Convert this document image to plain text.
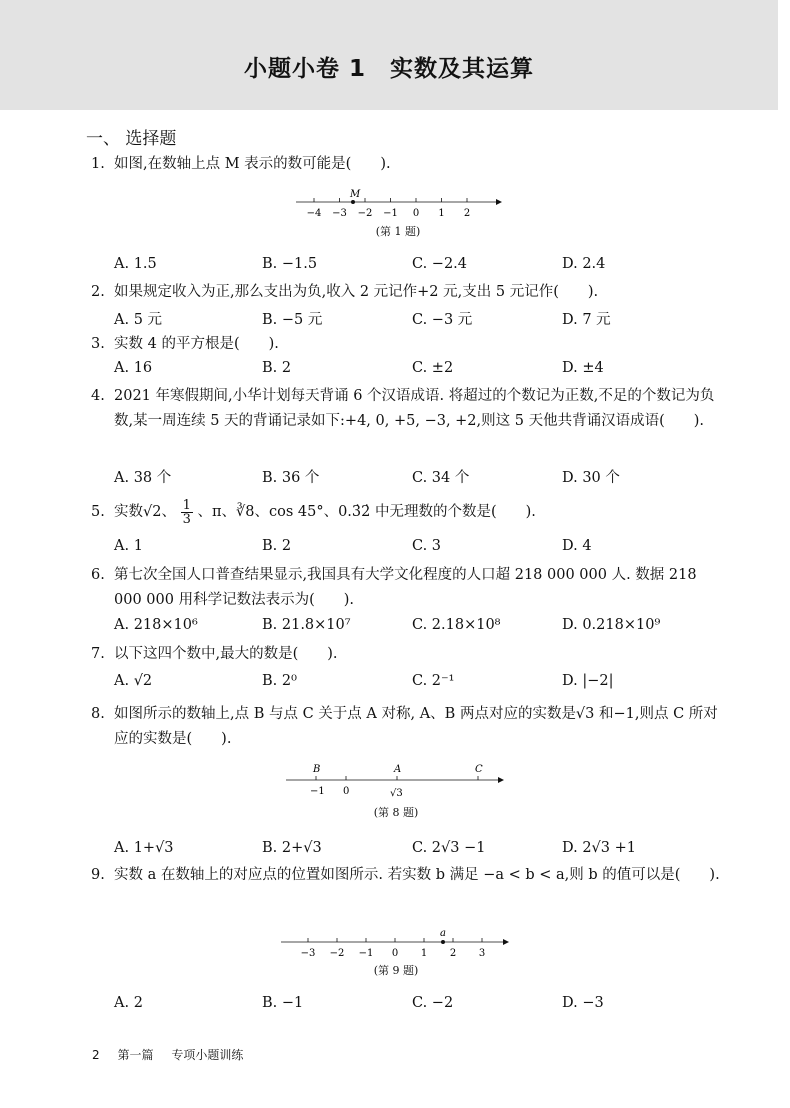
小题小卷 1　实数及其运算
一、 选择题
1. 如图,在数轴上点 M 表示的数可能是(　　).
−4 −3 −2 −1 0 1 2
M
(第 1 题)
A. 1.5	B. −1.5	C. −2.4	D. 2.4
2. 如果规定收入为正,那么支出为负,收入 2 元记作+2 元,支出 5 元记作(　　).
A. 5 元	B. −5 元	C. −3 元	D. 7 元
3. 实数 4 的平方根是(　　).
A. 16	B. 2	C. ±2	D. ±4
4. 2021 年寒假期间,小华计划每天背诵 6 个汉语成语. 将超过的个数记为正数,不足的个数记为负数,某一周连续 5 天的背诵记录如下:+4, 0, +5, −3, +2,则这 5 天他共背诵汉语成语(　　).
A. 38 个	B. 36 个	C. 34 个	D. 30 个
5. 实数√2、 $\frac{1}{3}$ 、π、∛8、cos 45°、0.3̇2̇ 中无理数的个数是(　　).
A. 1	B. 2	C. 3	D. 4
6. 第七次全国人口普查结果显示,我国具有大学文化程度的人口超 218 000 000 人. 数据 218 000 000 用科学记数法表示为(　　).
A. 218×10⁶	B. 21.8×10⁷	C. 2.18×10⁸	D. 0.218×10⁹
7. 以下这四个数中,最大的数是(　　).
A. √2	B. 2⁰	C. 2⁻¹	D. |−2|
8. 如图所示的数轴上,点 B 与点 C 关于点 A 对称, A、B 两点对应的实数是√3 和−1,则点 C 所对应的实数是(　　).
B	A	C
−1 0	√3
(第 8 题)
A. 1+√3	B. 2+√3	C. 2√3 −1	D. 2√3 +1
9. 实数 a 在数轴上的对应点的位置如图所示. 若实数 b 满足 −a < b < a,则 b 的值可以是(　　).
−3 −2 −1 0 1 2 3
a
(第 9 题)
A. 2	B. −1	C. −2	D. −3
2 第一篇 专项小题训练
